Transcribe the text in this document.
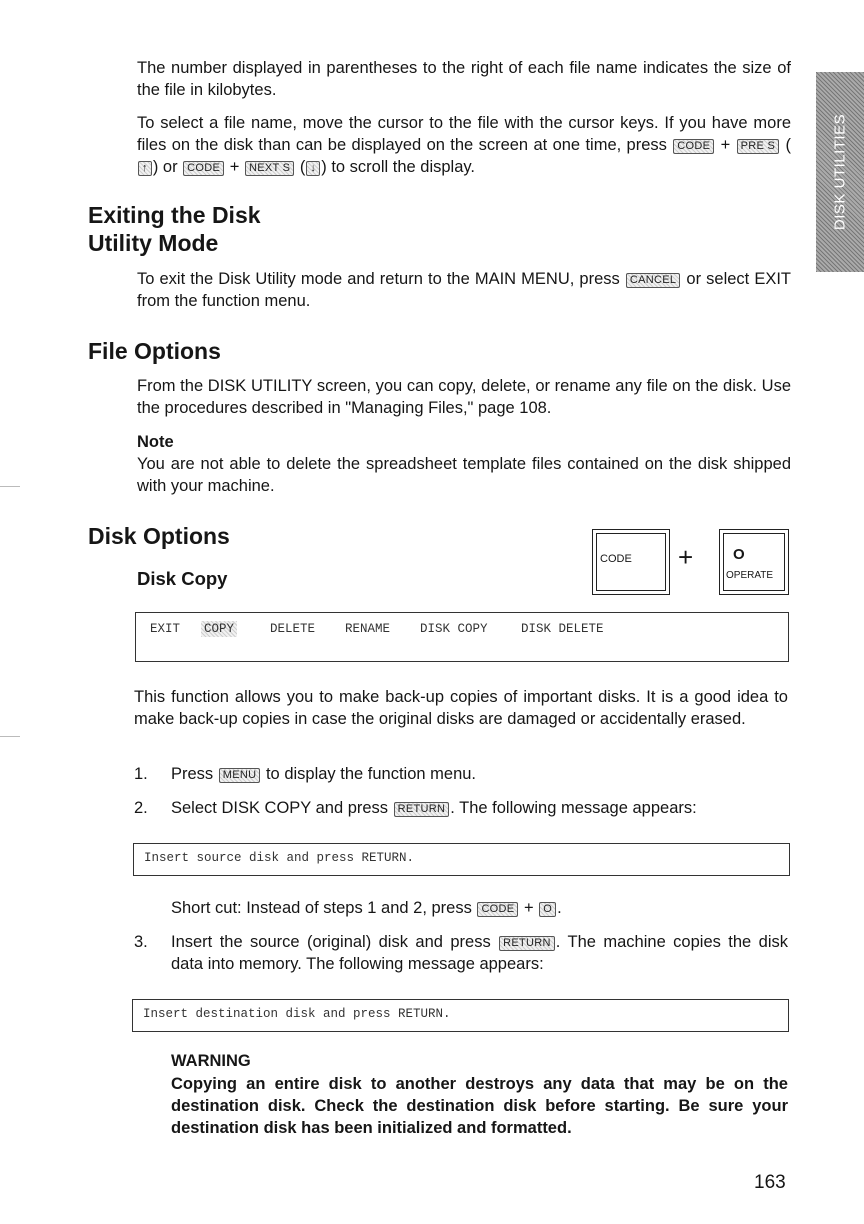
DISK UTILITIES
The number displayed in parentheses to the right of each file name indicates the size of the file in kilobytes.
To select a file name, move the cursor to the file with the cursor keys. If you have more files on the disk than can be displayed on the screen at one time, press CODE + PRE S (↑ ) or CODE + NEXT S ( ↓ ) to scroll the display.
Exiting the Disk
Utility Mode
To exit the Disk Utility mode and return to the MAIN MENU, press CANCEL or select EXIT from the function menu.
File Options
From the DISK UTILITY screen, you can copy, delete, or rename any file on the disk. Use the procedures described in "Managing Files," page 108.
Note
You are not able to delete the spreadsheet template files contained on the disk shipped with your machine.
Disk Options
Disk Copy
CODE +	O
OPERATE
EXIT COPY	DELETE RENAME DISK COPY	DISK DELETE
This function allows you to make back-up copies of important disks. It is a good idea to make back-up copies in case the original disks are damaged or accidentally erased.
1. Press MENU to display the function menu.
2. Select DISK COPY and press RETURN . The following message appears:
Insert source disk and press RETURN.
Short cut: Instead of steps 1 and 2, press CODE + O .
3. Insert the source (original) disk and press RETURN . The machine copies the disk data into memory. The following message appears:
Insert destination disk and press RETURN.
WARNING
Copying an entire disk to another destroys any data that may be on the destination disk. Check the destination disk before starting. Be sure your destination disk has been initialized and formatted.
163
